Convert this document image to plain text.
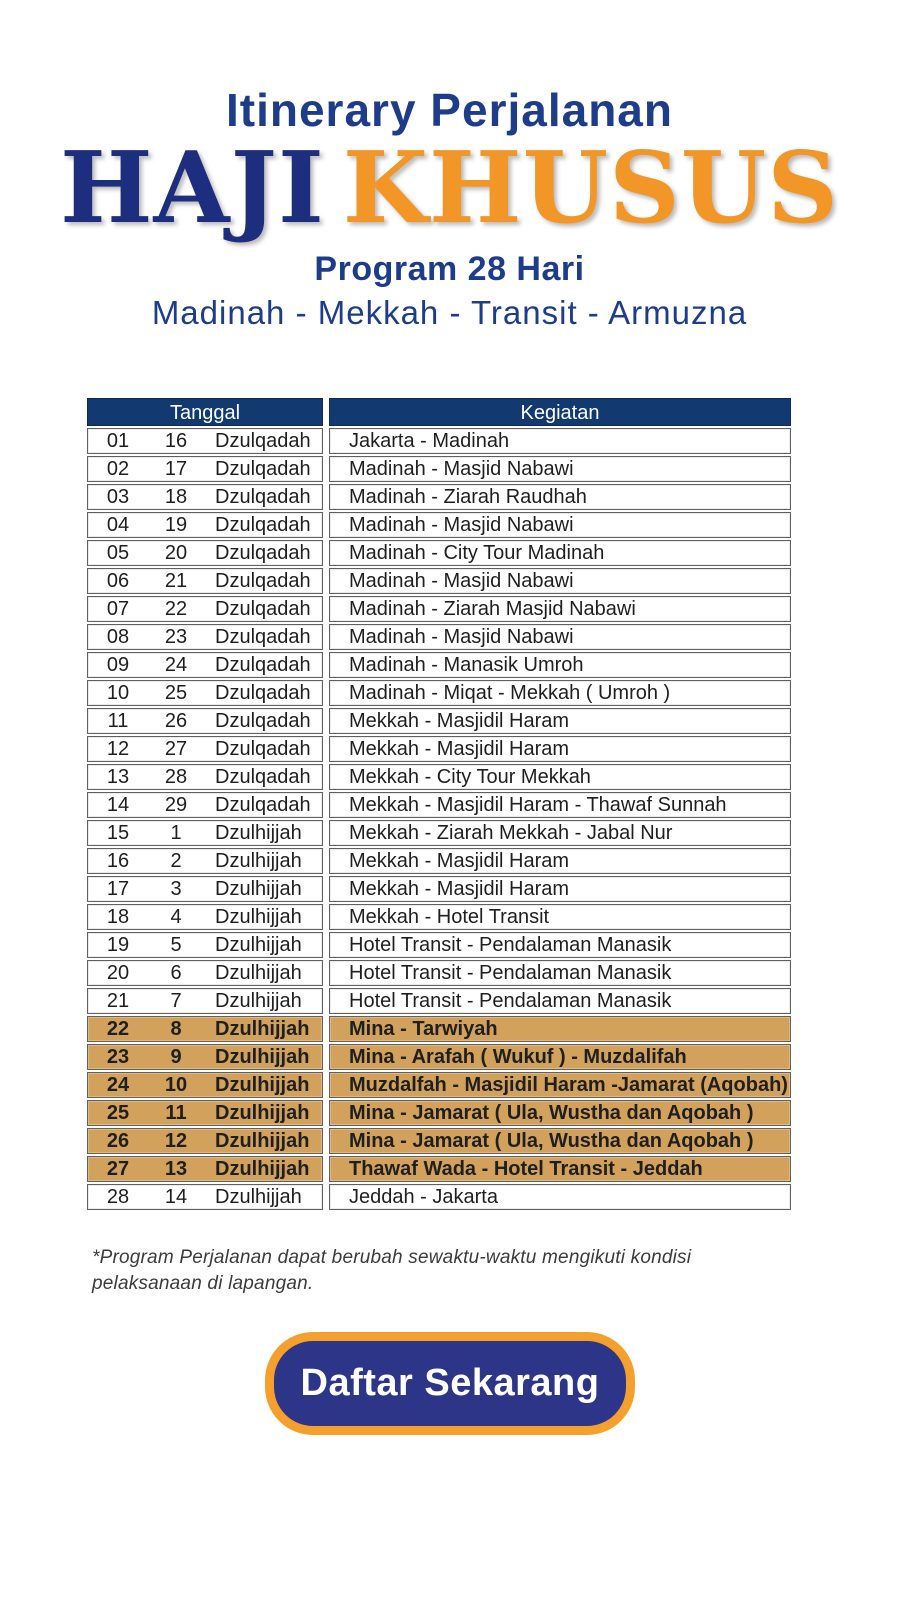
Itinerary Perjalanan
HAJI KHUSUS
Program 28 Hari
Madinah - Mekkah - Transit - Armuzna
Tanggal	Kegiatan
01	16	Dzulqadah	Jakarta - Madinah
02	17	Dzulqadah	Madinah - Masjid Nabawi
03	18	Dzulqadah	Madinah - Ziarah Raudhah
04	19	Dzulqadah	Madinah - Masjid Nabawi
05	20	Dzulqadah	Madinah - City Tour Madinah
06	21	Dzulqadah	Madinah - Masjid Nabawi
07	22	Dzulqadah	Madinah - Ziarah Masjid Nabawi
08	23	Dzulqadah	Madinah - Masjid Nabawi
09	24	Dzulqadah	Madinah - Manasik Umroh
10	25	Dzulqadah	Madinah - Miqat - Mekkah ( Umroh )
11	26	Dzulqadah	Mekkah - Masjidil Haram
12	27	Dzulqadah	Mekkah - Masjidil Haram
13	28	Dzulqadah	Mekkah - City Tour Mekkah
14	29	Dzulqadah	Mekkah - Masjidil Haram - Thawaf Sunnah
15	1	Dzulhijjah	Mekkah - Ziarah Mekkah - Jabal Nur
16	2	Dzulhijjah	Mekkah - Masjidil Haram
17	3	Dzulhijjah	Mekkah - Masjidil Haram
18	4	Dzulhijjah	Mekkah - Hotel Transit
19	5	Dzulhijjah	Hotel Transit - Pendalaman Manasik
20	6	Dzulhijjah	Hotel Transit - Pendalaman Manasik
21	7	Dzulhijjah	Hotel Transit - Pendalaman Manasik
22	8	Dzulhijjah	Mina - Tarwiyah
23	9	Dzulhijjah	Mina - Arafah ( Wukuf ) - Muzdalifah
24	10	Dzulhijjah	Muzdalfah - Masjidil Haram -Jamarat (Aqobah)
25	11	Dzulhijjah	Mina - Jamarat ( Ula, Wustha dan Aqobah )
26	12	Dzulhijjah	Mina - Jamarat ( Ula, Wustha dan Aqobah )
27	13	Dzulhijjah	Thawaf Wada - Hotel Transit - Jeddah
28	14	Dzulhijjah	Jeddah - Jakarta
*Program Perjalanan dapat berubah sewaktu-waktu mengikuti kondisi pelaksanaan di lapangan.
Daftar Sekarang
